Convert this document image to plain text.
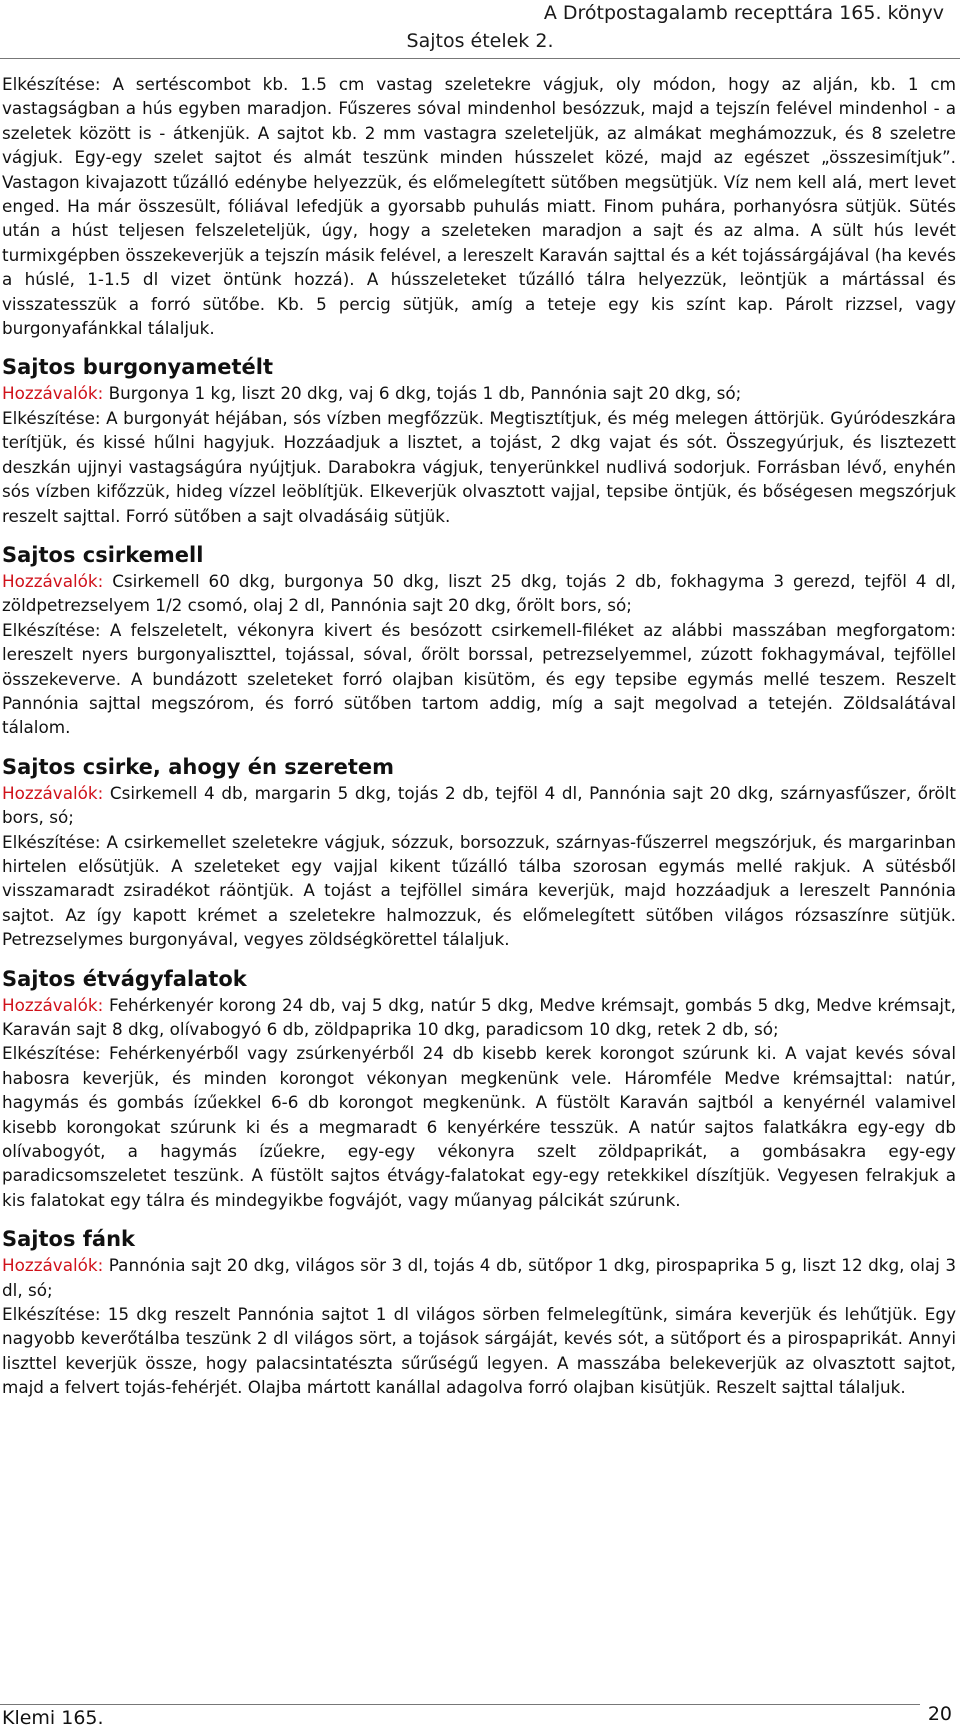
A Drótpostagalamb recepttára 165. könyv
Sajtos ételek 2.

Elkészítése: A sertéscombot kb. 1.5 cm vastag szeletekre vágjuk, oly módon, hogy az alján, kb. 1 cm vastagságban a hús egyben maradjon. Fűszeres sóval mindenhol besózzuk, majd a tejszín felével mindenhol - a szeletek között is - átkenjük. A sajtot kb. 2 mm vastagra szeleteljük, az almákat meghámozzuk, és 8 szeletre vágjuk. Egy-egy szelet sajtot és almát teszünk minden hússzelet közé, majd az egészet „összesimítjuk”. Vastagon kivajazott tűzálló edénybe helyezzük, és előmelegített sütőben megsütjük. Víz nem kell alá, mert levet enged. Ha már összesült, fóliával lefedjük a gyorsabb puhulás miatt. Finom puhára, porhanyósra sütjük. Sütés után a húst teljesen felszeleteljük, úgy, hogy a szeleteken maradjon a sajt és az alma. A sült hús levét turmixgépben összekeverjük a tejszín másik felével, a lereszelt Karaván sajttal és a két tojássárgájával (ha kevés a húslé, 1-1.5 dl vizet öntünk hozzá). A hússzeleteket tűzálló tálra helyezzük, leöntjük a mártással és visszatesszük a forró sütőbe. Kb. 5 percig sütjük, amíg a teteje egy kis színt kap. Párolt rizzsel, vagy burgonyafánkkal tálaljuk.

Sajtos burgonyametélt

Hozzávalók: Burgonya 1 kg, liszt 20 dkg, vaj 6 dkg, tojás 1 db, Pannónia sajt 20 dkg, só;

Elkészítése: A burgonyát héjában, sós vízben megfőzzük. Megtisztítjuk, és még melegen áttörjük. Gyúródeszkára terítjük, és kissé hűlni hagyjuk. Hozzáadjuk a lisztet, a tojást, 2 dkg vajat és sót. Összegyúrjuk, és lisztezett deszkán ujjnyi vastagságúra nyújtjuk. Darabokra vágjuk, tenyerünkkel nudlivá sodorjuk. Forrásban lévő, enyhén sós vízben kifőzzük, hideg vízzel leöblítjük. Elkeverjük olvasztott vajjal, tepsibe öntjük, és bőségesen megszórjuk reszelt sajttal. Forró sütőben a sajt olvadásáig sütjük.

Sajtos csirkemell

Hozzávalók: Csirkemell 60 dkg, burgonya 50 dkg, liszt 25 dkg, tojás 2 db, fokhagyma 3 gerezd, tejföl 4 dl, zöldpetrezselyem 1/2 csomó, olaj 2 dl, Pannónia sajt 20 dkg, őrölt bors, só;

Elkészítése: A felszeletelt, vékonyra kivert és besózott csirkemell-filéket az alábbi masszában megforgatom: lereszelt nyers burgonyaliszttel, tojással, sóval, őrölt borssal, petrezselyemmel, zúzott fokhagymával, tejföllel összekeverve. A bundázott szeleteket forró olajban kisütöm, és egy tepsibe egymás mellé teszem. Reszelt Pannónia sajttal megszórom, és forró sütőben tartom addig, míg a sajt megolvad a tetején. Zöldsalátával tálalom.

Sajtos csirke, ahogy én szeretem

Hozzávalók: Csirkemell 4 db, margarin 5 dkg, tojás 2 db, tejföl 4 dl, Pannónia sajt 20 dkg, szárnyasfűszer, őrölt bors, só;

Elkészítése: A csirkemellet szeletekre vágjuk, sózzuk, borsozzuk, szárnyas-fűszerrel megszórjuk, és margarinban hirtelen elősütjük. A szeleteket egy vajjal kikent tűzálló tálba szorosan egymás mellé rakjuk. A sütésből visszamaradt zsiradékot ráöntjük. A tojást a tejföllel simára keverjük, majd hozzáadjuk a lereszelt Pannónia sajtot. Az így kapott krémet a szeletekre halmozzuk, és előmelegített sütőben világos rózsaszínre sütjük. Petrezselymes burgonyával, vegyes zöldségkörettel tálaljuk.

Sajtos étvágyfalatok

Hozzávalók: Fehérkenyér korong 24 db, vaj 5 dkg, natúr 5 dkg, Medve krémsajt, gombás 5 dkg, Medve krémsajt, Karaván sajt 8 dkg, olívabogyó 6 db, zöldpaprika 10 dkg, paradicsom 10 dkg, retek 2 db, só;

Elkészítése: Fehérkenyérből vagy zsúrkenyérből 24 db kisebb kerek korongot szúrunk ki. A vajat kevés sóval habosra keverjük, és minden korongot vékonyan megkenünk vele. Háromféle Medve krémsajttal: natúr, hagymás és gombás ízűekkel 6-6 db korongot megkenünk. A füstölt Karaván sajtból a kenyérnél valamivel kisebb korongokat szúrunk ki és a megmaradt 6 kenyérkére tesszük. A natúr sajtos falatkákra egy-egy db olívabogyót, a hagymás ízűekre, egy-egy vékonyra szelt zöldpaprikát, a gombásakra egy-egy paradicsomszeletet teszünk. A füstölt sajtos étvágy-falatokat egy-egy retekkikel díszítjük. Vegyesen felrakjuk a kis falatokat egy tálra és mindegyikbe fogvájót, vagy műanyag pálcikát szúrunk.

Sajtos fánk

Hozzávalók: Pannónia sajt 20 dkg, világos sör 3 dl, tojás 4 db, sütőpor 1 dkg, pirospaprika 5 g, liszt 12 dkg, olaj 3 dl, só;

Elkészítése: 15 dkg reszelt Pannónia sajtot 1 dl világos sörben felmelegítünk, simára keverjük és lehűtjük. Egy nagyobb keverőtálba teszünk 2 dl világos sört, a tojások sárgáját, kevés sót, a sütőport és a pirospaprikát. Annyi liszttel keverjük össze, hogy palacsintatészta sűrűségű legyen. A masszába belekeverjük az olvasztott sajtot, majd a felvert tojás-fehérjét. Olajba mártott kanállal adagolva forró olajban kisütjük. Reszelt sajttal tálaljuk.

Klemi 165.	20
